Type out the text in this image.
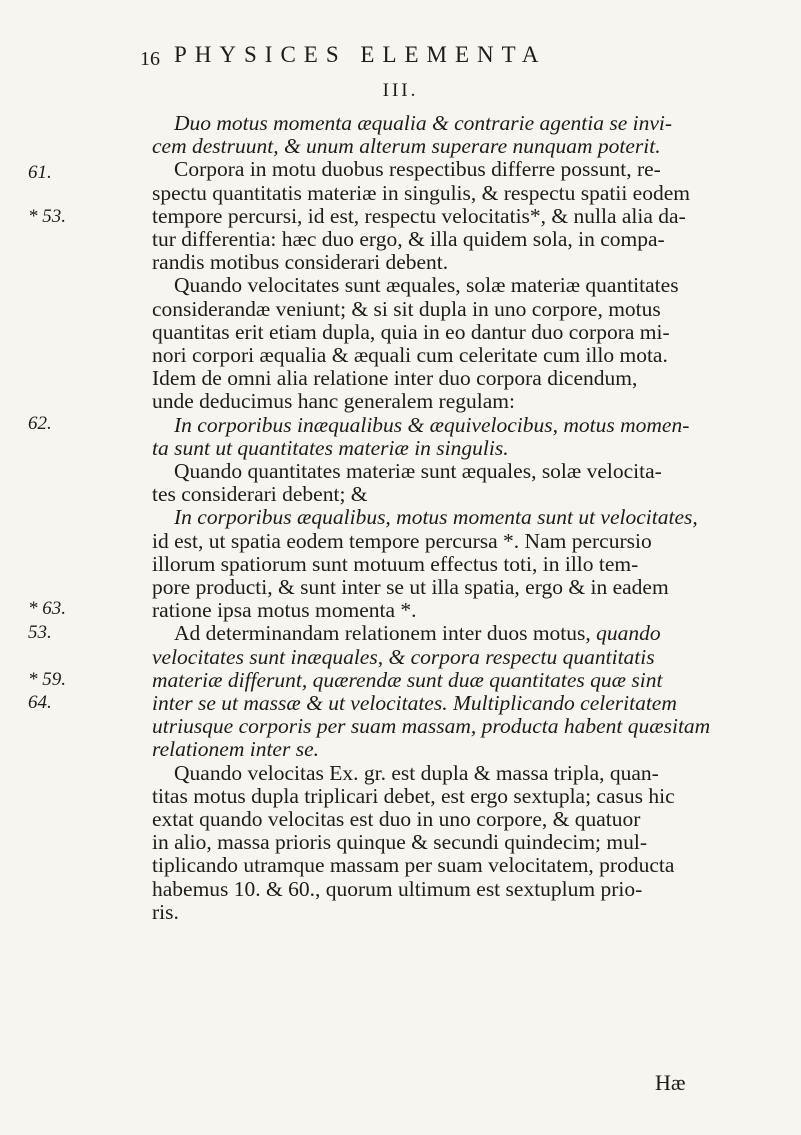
16 PHYSICES ELEMENTA
III.
61.
* 53.
62.
* 63.
53.
* 59.
64.
Duo motus momenta æqualia & contrarie agentia se invi-
cem destruunt, & unum alterum superare nunquam poterit.
Corpora in motu duobus respectibus differre possunt, re-
spectu quantitatis materiæ in singulis, & respectu spatii eodem
tempore percursi, id est, respectu velocitatis*, & nulla alia da-
tur differentia: hæc duo ergo, & illa quidem sola, in compa-
randis motibus considerari debent.
Quando velocitates sunt æquales, solæ materiæ quantitates
considerandæ veniunt; & si sit dupla in uno corpore, motus
quantitas erit etiam dupla, quia in eo dantur duo corpora mi-
nori corpori æqualia & æquali cum celeritate cum illo mota.
Idem de omni alia relatione inter duo corpora dicendum,
unde deducimus hanc generalem regulam:
In corporibus inæqualibus & æquivelocibus, motus momen-
ta sunt ut quantitates materiæ in singulis.
Quando quantitates materiæ sunt æquales, solæ velocita-
tes considerari debent; &
In corporibus æqualibus, motus momenta sunt ut velocitates,
id est, ut spatia eodem tempore percursa *. Nam percursio
illorum spatiorum sunt motuum effectus toti, in illo tem-
pore producti, & sunt inter se ut illa spatia, ergo & in eadem
ratione ipsa motus momenta *.
Ad determinandam relationem inter duos motus, quando
velocitates sunt inæquales, & corpora respectu quantitatis
materiæ differunt, quærendæ sunt duæ quantitates quæ sint
inter se ut massæ & ut velocitates. Multiplicando celeritatem
utriusque corporis per suam massam, producta habent quæsitam
relationem inter se.
Quando velocitas Ex. gr. est dupla & massa tripla, quan-
titas motus dupla triplicari debet, est ergo sextupla; casus hic
extat quando velocitas est duo in uno corpore, & quatuor
in alio, massa prioris quinque & secundi quindecim; mul-
tiplicando utramque massam per suam velocitatem, producta
habemus 10. & 60., quorum ultimum est sextuplum prio-
ris.
Hæ
